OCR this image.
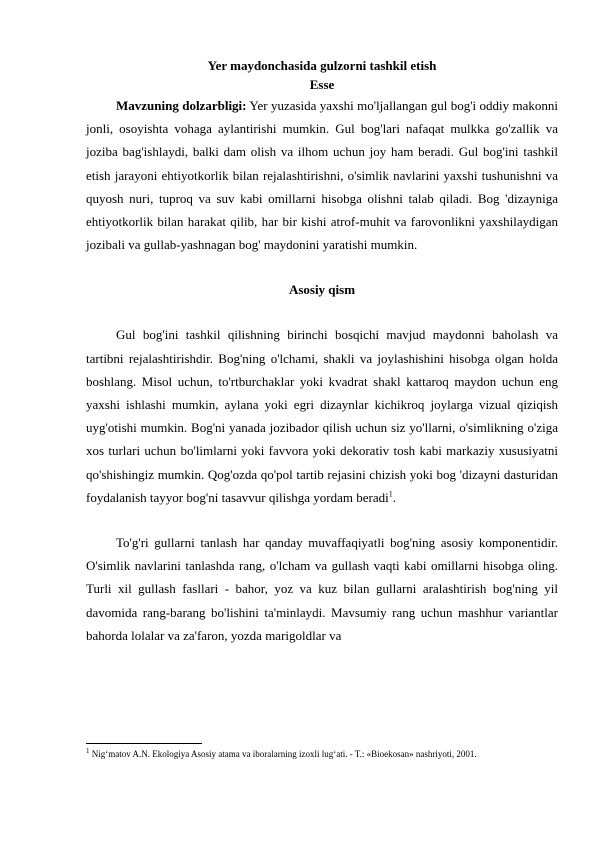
Yer maydonchasida gulzorni tashkil etish
Esse

Mavzuning dolzarbligi: Yer yuzasida yaxshi mo'ljallangan gul bog'i oddiy makonni jonli, osoyishta vohaga aylantirishi mumkin. Gul bog'lari nafaqat mulkka go'zallik va joziba bag'ishlaydi, balki dam olish va ilhom uchun joy ham beradi. Gul bog'ini tashkil etish jarayoni ehtiyotkorlik bilan rejalashtirishni, o'simlik navlarini yaxshi tushunishni va quyosh nuri, tuproq va suv kabi omillarni hisobga olishni talab qiladi. Bog 'dizayniga ehtiyotkorlik bilan harakat qilib, har bir kishi atrof-muhit va farovonlikni yaxshilaydigan jozibali va gullab-yashnagan bog' maydonini yaratishi mumkin.

Asosiy qism

Gul bog'ini tashkil qilishning birinchi bosqichi mavjud maydonni baholash va tartibni rejalashtirishdir. Bog'ning o'lchami, shakli va joylashishini hisobga olgan holda boshlang. Misol uchun, to'rtburchaklar yoki kvadrat shakl kattaroq maydon uchun eng yaxshi ishlashi mumkin, aylana yoki egri dizaynlar kichikroq joylarga vizual qiziqish uyg'otishi mumkin. Bog'ni yanada jozibador qilish uchun siz yo'llarni, o'simlikning o'ziga xos turlari uchun bo'limlarni yoki favvora yoki dekorativ tosh kabi markaziy xususiyatni qo'shishingiz mumkin. Qog'ozda qo'pol tartib rejasini chizish yoki bog 'dizayni dasturidan foydalanish tayyor bog'ni tasavvur qilishga yordam beradi$^1$.

To'g'ri gullarni tanlash har qanday muvaffaqiyatli bog'ning asosiy komponentidir. O'simlik navlarini tanlashda rang, o'lcham va gullash vaqti kabi omillarni hisobga oling. Turli xil gullash fasllari - bahor, yoz va kuz bilan gullarni aralashtirish bog'ning yil davomida rang-barang bo'lishini ta'minlaydi. Mavsumiy rang uchun mashhur variantlar bahorda lolalar va za'faron, yozda marigoldlar va

$^1$ Nig‘matov A.N. Ekologiya Asosiy atama va iboralarning izoxli lug‘ati. - T.: «Bioekosan» nashriyoti, 2001.
